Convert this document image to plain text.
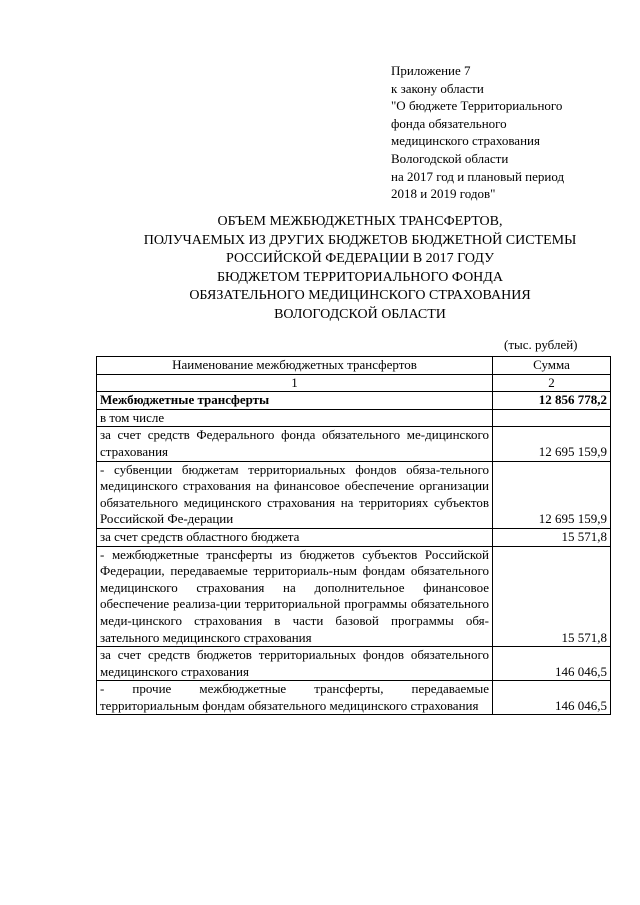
Приложение 7
к закону области
"О бюджете Территориального
фонда обязательного
медицинского страхования
Вологодской области
на 2017 год и плановый период
2018 и 2019 годов"
ОБЪЕМ МЕЖБЮДЖЕТНЫХ ТРАНСФЕРТОВ,
ПОЛУЧАЕМЫХ ИЗ ДРУГИХ БЮДЖЕТОВ БЮДЖЕТНОЙ СИСТЕМЫ
РОССИЙСКОЙ ФЕДЕРАЦИИ В 2017 ГОДУ
БЮДЖЕТОМ ТЕРРИТОРИАЛЬНОГО ФОНДА
ОБЯЗАТЕЛЬНОГО МЕДИЦИНСКОГО СТРАХОВАНИЯ
ВОЛОГОДСКОЙ ОБЛАСТИ
(тыс. рублей)
Наименование межбюджетных трансфертов	Сумма
1	2
Межбюджетные трансферты	12 856 778,2
в том числе	
за счет средств Федерального фонда обязательного ме-дицинского страхования	12 695 159,9
- субвенции бюджетам территориальных фондов обяза-тельного медицинского страхования на финансовое обеспечение организации обязательного медицинского страхования на территориях субъектов Российской Фе-дерации	12 695 159,9
за счет средств областного бюджета	15 571,8
- межбюджетные трансферты из бюджетов субъектов Российской Федерации, передаваемые территориаль-ным фондам обязательного медицинского страхования на дополнительное финансовое обеспечение реализа-ции территориальной программы обязательного меди-цинского страхования в части базовой программы обя-зательного медицинского страхования	15 571,8
за счет средств бюджетов территориальных фондов обязательного медицинского страхования	146 046,5
- прочие межбюджетные трансферты, передаваемые территориальным фондам обязательного медицинского страхования	146 046,5
